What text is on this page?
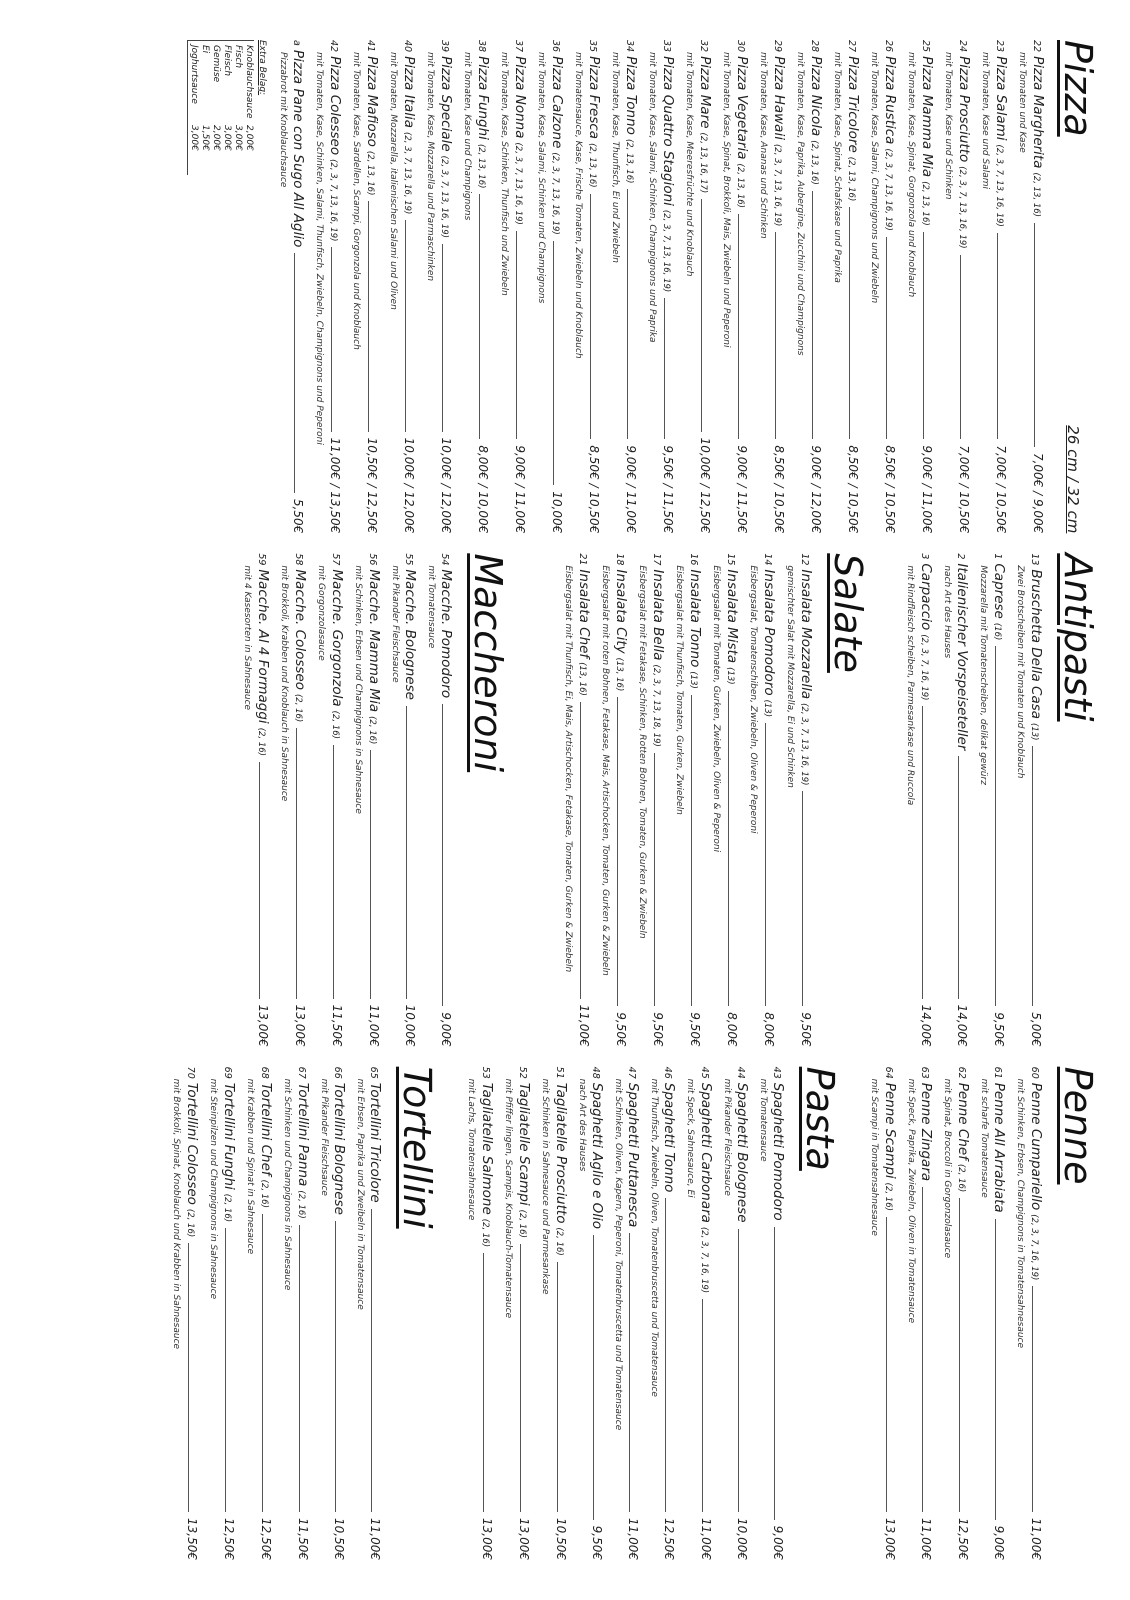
Pizza
26 cm / 32 cm
22
Pizza Margherita
(2, 13, 16)
7,00€ / 9,00€
mit Tomaten und Kase
23
Pizza Salami
(2, 3, 7, 13, 16, 19)
7,00€ / 10,50€
mit Tomaten, Kase und Salami
24
Pizza Prosciutto
(2, 3, 7, 13, 16, 19)
7,00€ / 10,50€
mit Tomaten, Kase und Schinken
25
Pizza Mamma Mia
(2, 13, 16)
9,00€ / 11,00€
mit Tomaten, Kase, Spinat, Gorgonzola und Knoblauch
26
Pizza Rustica
(2, 3, 7, 13, 16, 19)
8,50€ / 10,50€
mit Tomaten, Kase, Salami, Champignons und Zwiebeln
27
Pizza Tricolore
(2, 13, 16)
8,50€ / 10,50€
mit Tomaten, Kase, Spinat, Schafskase und Paprika
28
Pizza Nicola
(2, 13, 16)
9,00€ / 12,00€
mit Tomaten, Kase, Paprika, Aubergine, Zucchini und Champignons
29
Pizza Hawaii
(2, 3, 7, 13, 16, 19)
8,50€ / 10,50€
mit Tomaten, Kase, Ananas und Schinken
30
Pizza Vegetaria
(2, 13, 16)
9,00€ / 11,50€
mit Tomaten, Kase, Spinat, Brokkoli, Mais, Zwiebeln und Peperoni
32
Pizza Mare
(2, 13, 16, 17)
10,00€ / 12,50€
mit Tomaten, Kase, Meeresfrüchte und Knoblauch
33
Pizza Quattro Stagioni
(2, 3, 7, 13, 16, 19)
9,50€ / 11,50€
mit Tomaten, Kase, Salami, Schinken, Champignons und Paprika
34
Pizza Tonno
(2, 13, 16)
9,00€ / 11,00€
mit Tomaten, Kase, Thunfisch, Ei und Zwiebeln
35
Pizza Fresca
(2, 13, 16)
8,50€ / 10,50€
mit Tomatensauce, Kase, Frische Tomaten, Zwiebeln und Knoblauch
36
Pizza Calzone
(2, 3, 7, 13, 16, 19)
10,00€
mit Tomaten, Kase, Salami, Schinken und Champignons
37
Pizza Nonna
(2, 3, 7, 13, 16, 19)
9,00€ / 11,00€
mit Tomaten, Kase, Schinken, Thunfisch und Zwiebeln
38
Pizza Funghi
(2, 13, 16)
8,00€ / 10,00€
mit Tomaten, Kase und Champignons
39
Pizza Speciale
(2, 3, 7, 13, 16, 19)
10,00€ / 12,00€
mit Tomaten, Kase, Mozzarella und Parmaschinken
40
Pizza Italia
(2, 3, 7, 13, 16, 19)
10,00€ / 12,00€
mit Tomaten, Mozzarella, italienischen Salami und Oliven
41
Pizza Mafioso
(2, 13, 16)
10,50€ / 12,50€
mit Tomaten, Kase, Sardellen, Scampi, Gorgonzola und Knoblauch
42
Pizza Colesseo
(2, 3, 7, 13, 16, 19)
11,00€ / 13,50€
mit Tomaten, Kase, Schinken, Salami, Thunfisch, Zwiebeln, Champignons und Peperoni
a
Pizza Pane con Sugo All Aglio
5,50€
Pizzabrot mit Knoblauchsauce
Extra Belag:
Knoblauchsauce
2,00€
Fisch
3,00€
Fleisch
3,00€
Gemüse
2,00€
Ei
1,50€
Joghurtsauce
3,00€
Antipasti
13
Bruschetta Della Casa
(13)
5,00€
Zwei Brotscheiben mit Tomaten und Knoblauch
1
Caprese
(16)
9,50€
Mozzarella mit Tomatenscheiben, delikat gewürz
2
Italienischer Vorspeiseteller
14,00€
nach Art des Hauses
3
Carpaccio
(2, 3, 7, 16, 19)
14,00€
mit Rindfleisch scheiben, Parmesankase und Ruccola
Salate
12
Insalata Mozzarella
(2, 3, 7, 13, 16, 19)
9,50€
gemischter Salat mit Mozzarella, Ei und Schinken
14
Insalata Pomodoro
(13)
8,00€
Eisbergsalat, Tomatenschiben, Zwiebeln, Oliven & Peperoni
15
Insalata Mista
(13)
8,00€
Eisbergsalat mit Tomaten, Gurken, Zwiebeln, Oliven & Peperoni
16
Insalata Tonno
(13)
9,50€
Eisbergsalat mit Thunfisch, Tomaten, Gurken, Zwiebeln
17
Insalata Bella
(2, 3, 7, 13, 18, 19)
9,50€
Eisbergsalat mit Fetakase, Schinken, Rotten Bohnen, Tomaten, Gurken & Zwiebeln
18
Insalata City
(13, 16)
9,50€
Eisbergsalat mit roten Bohnen, Fetakase, Mais, Artischocken, Tomaten, Gurken & Zwiebeln
21
Insalata Chef
(13, 16)
11,00€
Eisbergsalat mit Thunfisch, Ei, Mais, Artischocken, Fetakase, Tomaten, Gurken & Zwiebeln
Maccheroni
54
Macche. Pomodoro
9,00€
mit Tomatensauce
55
Macche. Bolognese
10,00€
mit Pikander Fleischsauce
56
Macche. Mamma Mia
(2, 16)
11,00€
mit Schinken, Erbsen und Champignons in Sahnesauce
57
Macche. Gorgonzola
(2, 16)
11,50€
mit Gorgonzolasauce
58
Macche. Colosseo
(2, 16)
13,00€
mit Brokkoli, Krabben und Knoblauch in Sahnesauce
59
Macche. Al 4 Formaggi
(2, 16)
13,00€
mit 4 Kasesorten in Sahnesauce
Penne
60
Penne Cumpariello
(2, 3, 7, 16, 19)
11,00€
mit Schinken, Erbsen, Champignons in Tomatensahnesauce
61
Penne All Arrabiata
9,00€
mit scharfe Tomatensauce
62
Penne Chef
(2, 16)
12,50€
mit Spinat, Broccoli in Gorgonzolasauce
63
Penne Zingara
11,00€
mit Speck, Paprika, Zwiebeln, Oliven in Tomatensauce
64
Penne Scampi
(2, 16)
13,00€
mit Scampi in Tomatensahnesauce
Pasta
43
Spaghetti Pomodoro
9,00€
mit Tomatensauce
44
Spaghetti Bolognese
10,00€
mit Pikander Fleischsauce
45
Spaghetti Carbonara
(2, 3, 7, 16, 19)
11,00€
mit Speck, Sahnesauce, Ei
46
Spaghetti Tonno
12,50€
mit Thunfisch, Zwiebeln, Oliven, Tomatenbruscetta und Tomatensauce
47
Spaghetti Puttanesca
11,00€
mit Schinken, Oliven, Kapern, Peperoni, Tomatenbruscetta und Tomatensauce
48
Spaghetti Aglio e Olio
9,50€
nach Art des Hauses
51
Tagliatelle Prosciutto
(2, 16)
10,50€
mit Schinken in Sahnesauce und Parmesankase
52
Tagliatelle Scampi
(2, 16)
13,00€
mit Pfiffer lingen, Scampis, Knoblauch-Tomatensauce
53
Tagliatelle Salmone
(2, 16)
13,00€
mit Lachs, Tomatensahnesauce
Tortellini
65
Tortellini Tricolore
11,00€
mit Erbsen, Paprika und Zweibeln in Tomatensauce
66
Tortellini Bolognese
10,50€
mit Pikander Fleischsauce
67
Tortellini Panna
(2, 16)
11,50€
mit Schinken und Champignons in Sahnesauce
68
Tortellini Chef
(2, 16)
12,50€
mit Krabben und Spinat in Sahnesauce
69
Tortellini Funghi
(2, 16)
12,50€
mit Steinpilzen und Champignons in Sahnesauce
70
Tortellini Colosseo
(2, 16)
13,50€
mit Brokkoli, Spinat, Knoblauch und Krabben in Sahnesauce
